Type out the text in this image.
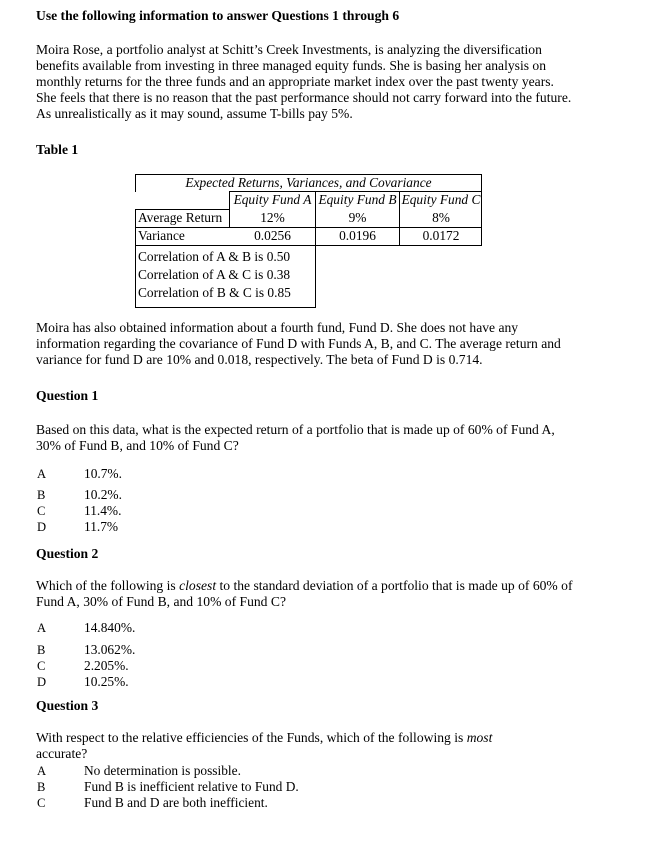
Use the following information to answer Questions 1 through 6
Moira Rose, a portfolio analyst at Schitt’s Creek Investments, is analyzing the diversification
benefits available from investing in three managed equity funds. She is basing her analysis on
monthly returns for the three funds and an appropriate market index over the past twenty years.
She feels that there is no reason that the past performance should not carry forward into the future.
As unrealistically as it may sound, assume T-bills pay 5%.
Table 1
Expected Returns, Variances, and Covariance
Equity Fund A Equity Fund B Equity Fund C
Average Return	12%	9%	8%
Variance	0.0256	0.0196	0.0172
Correlation of A & B is 0.50
Correlation of A & C is 0.38
Correlation of B & C is 0.85
Moira has also obtained information about a fourth fund, Fund D. She does not have any
information regarding the covariance of Fund D with Funds A, B, and C. The average return and
variance for fund D are 10% and 0.018, respectively. The beta of Fund D is 0.714.
Question 1
Based on this data, what is the expected return of a portfolio that is made up of 60% of Fund A,
30% of Fund B, and 10% of Fund C?
A	10.7%.
B	10.2%.
C	11.4%.
D	11.7%
Question 2
Which of the following is closest to the standard deviation of a portfolio that is made up of 60% of
Fund A, 30% of Fund B, and 10% of Fund C?
A	14.840%.
B	13.062%.
C	2.205%.
D	10.25%.
Question 3
With respect to the relative efficiencies of the Funds, which of the following is most
accurate?
A	No determination is possible.
B	Fund B is inefficient relative to Fund D.
C	Fund B and D are both inefficient.
